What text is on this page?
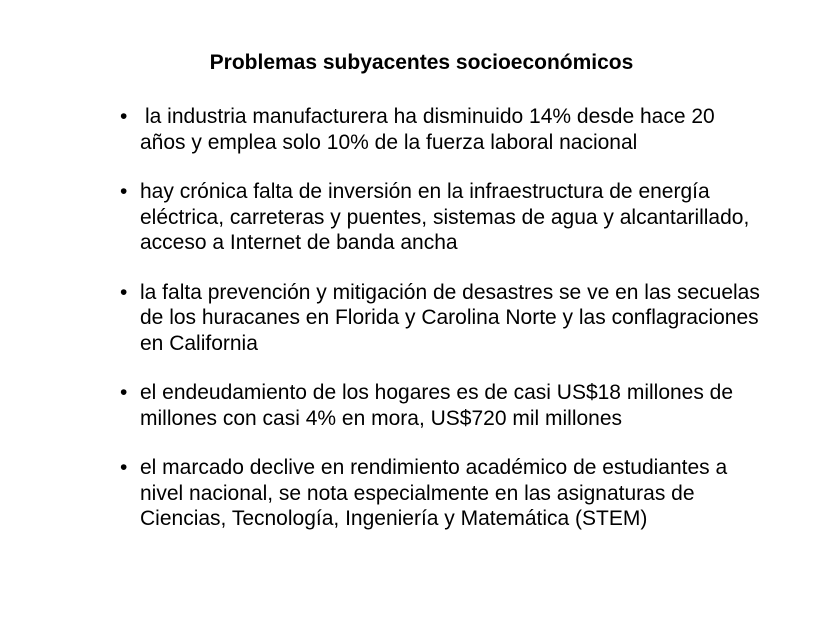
Problemas subyacentes socioeconómicos
• la industria manufacturera ha disminuido 14% desde hace 20 años y emplea solo 10% de la fuerza laboral nacional
• hay crónica falta de inversión en la infraestructura de energía eléctrica, carreteras y puentes, sistemas de agua y alcantarillado, acceso a Internet de banda ancha
• la falta prevención y mitigación de desastres se ve en las secuelas de los huracanes en Florida y Carolina Norte y las conflagraciones en California
• el endeudamiento de los hogares es de casi US$18 millones de millones con casi 4% en mora, US$720 mil millones
• el marcado declive en rendimiento académico de estudiantes a nivel nacional, se nota especialmente en las asignaturas de Ciencias, Tecnología, Ingeniería y Matemática (STEM)
